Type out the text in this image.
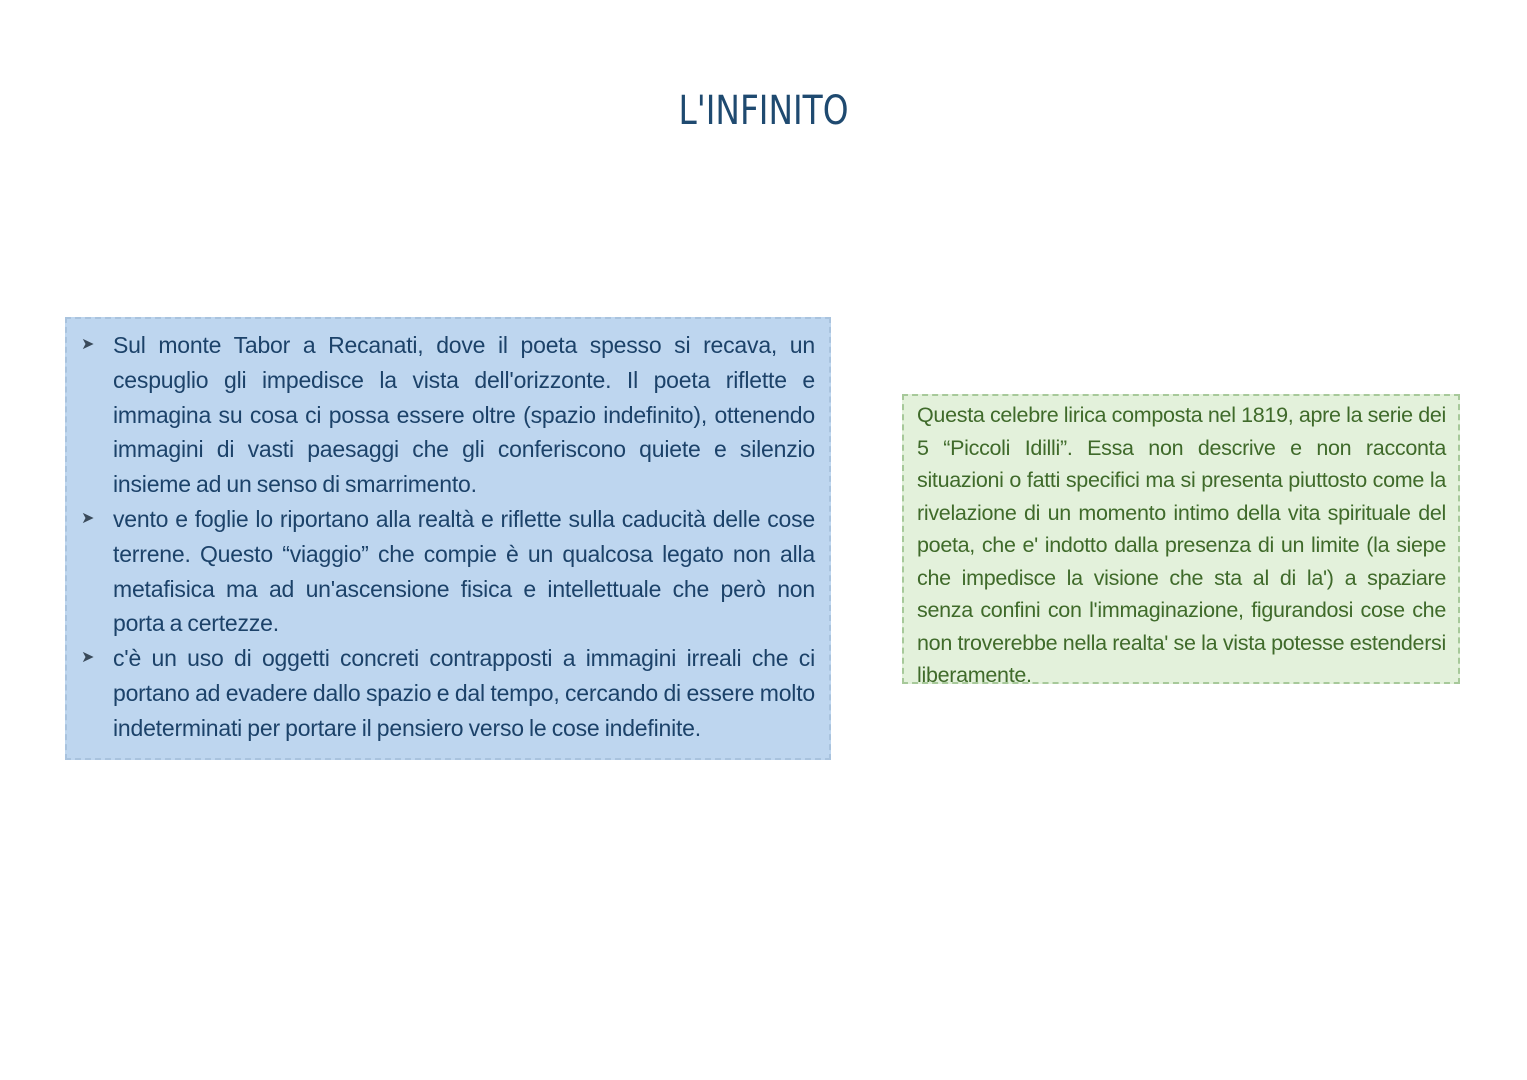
L'INFINITO
➤ Sul monte Tabor a Recanati, dove il poeta spesso si recava, un cespuglio gli impedisce la vista dell'orizzonte. Il poeta riflette e immagina su cosa ci possa essere oltre (spazio indefinito), ottenendo immagini di vasti paesaggi che gli conferiscono quiete e silenzio insieme ad un senso di smarrimento.
➤ vento e foglie lo riportano alla realtà e riflette sulla caducità delle cose terrene. Questo “viaggio” che compie è un qualcosa legato non alla metafisica ma ad un'ascensione fisica e intellettuale che però non porta a certezze.
➤ c'è un uso di oggetti concreti contrapposti a immagini irreali che ci portano ad evadere dallo spazio e dal tempo, cercando di essere molto indeterminati per portare il pensiero verso le cose indefinite.

Questa celebre lirica composta nel 1819, apre la serie dei 5 “Piccoli Idilli”. Essa non descrive e non racconta situazioni o fatti specifici ma si presenta piuttosto come la rivelazione di un momento intimo della vita spirituale del poeta, che e' indotto dalla presenza di un limite (la siepe che impedisce la visione che sta al di la') a spaziare senza confini con l'immaginazione, figurandosi cose che non troverebbe nella realta' se la vista potesse estendersi liberamente.
